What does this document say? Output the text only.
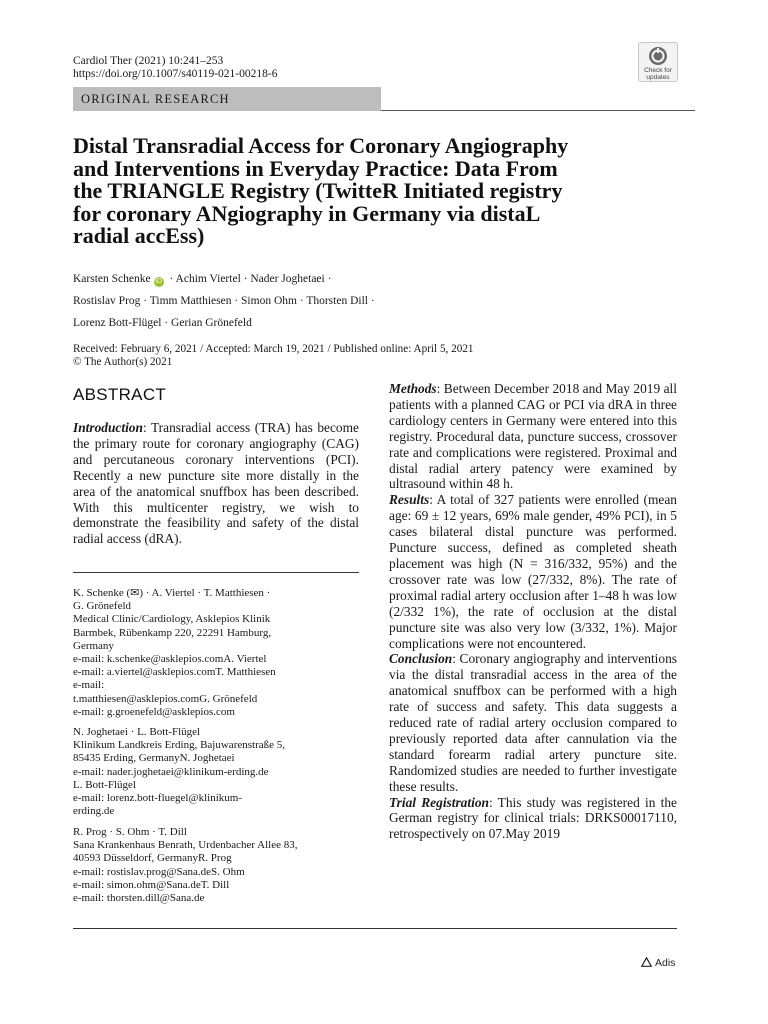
Cardiol Ther (2021) 10:241–253
https://doi.org/10.1007/s40119-021-00218-6	Check for updates
ORIGINAL RESEARCH
Distal Transradial Access for Coronary Angiography
and Interventions in Everyday Practice: Data From
the TRIANGLE Registry (TwitteR Initiated registry
for coronary ANgiography in Germany via distaL
radial accEss)
Karsten Schenke iD · Achim Viertel · Nader Joghetaei ·
Rostislav Prog · Timm Matthiesen · Simon Ohm · Thorsten Dill ·
Lorenz Bott-Flügel · Gerian Grönefeld
Received: February 6, 2021 / Accepted: March 19, 2021 / Published online: April 5, 2021
© The Author(s) 2021
ABSTRACT
Introduction: Transradial access (TRA) has become the primary route for coronary angiography (CAG) and percutaneous coronary interventions (PCI). Recently a new puncture site more distally in the area of the anatomical snuffbox has been described. With this multicenter registry, we wish to demonstrate the feasibility and safety of the distal radial access (dRA).
K. Schenke (✉) · A. Viertel · T. Matthiesen ·
G. Grönefeld
Medical Clinic/Cardiology, Asklepios Klinik
Barmbek, Rübenkamp 220, 22291 Hamburg,
Germany
e-mail: k.schenke@asklepios.comA. Viertel
e-mail: a.viertel@asklepios.comT. Matthiesen
e-mail:
t.matthiesen@asklepios.comG. Grönefeld
e-mail: g.groenefeld@asklepios.com
N. Joghetaei · L. Bott-Flügel
Klinikum Landkreis Erding, Bajuwarenstraße 5,
85435 Erding, GermanyN. Joghetaei
e-mail: nader.joghetaei@klinikum-erding.de
L. Bott-Flügel
e-mail: lorenz.bott-fluegel@klinikum-
erding.de
R. Prog · S. Ohm · T. Dill
Sana Krankenhaus Benrath, Urdenbacher Allee 83,
40593 Düsseldorf, GermanyR. Prog
e-mail: rostislav.prog@Sana.deS. Ohm
e-mail: simon.ohm@Sana.deT. Dill
e-mail: thorsten.dill@Sana.de

Methods: Between December 2018 and May 2019 all patients with a planned CAG or PCI via dRA in three cardiology centers in Germany were entered into this registry. Procedural data, puncture success, crossover rate and complications were registered. Proximal and distal radial artery patency were examined by ultrasound within 48 h.

Results: A total of 327 patients were enrolled (mean age: 69 ± 12 years, 69% male gender, 49% PCI), in 5 cases bilateral distal puncture was performed. Puncture success, defined as completed sheath placement was high (N = 316/332, 95%) and the crossover rate was low (27/332, 8%). The rate of proximal radial artery occlusion after 1–48 h was low (2/332 1%), the rate of occlusion at the distal puncture site was also very low (3/332, 1%). Major complications were not encountered.

Conclusion: Coronary angiography and interventions via the distal transradial access in the area of the anatomical snuffbox can be performed with a high rate of success and safety. This data suggests a reduced rate of radial artery occlusion compared to previously reported data after cannulation via the standard forearm radial artery puncture site. Randomized studies are needed to further investigate these results.

Trial Registration: This study was registered in the German registry for clinical trials: DRKS00017110, retrospectively on 07.May 2019

Adis
